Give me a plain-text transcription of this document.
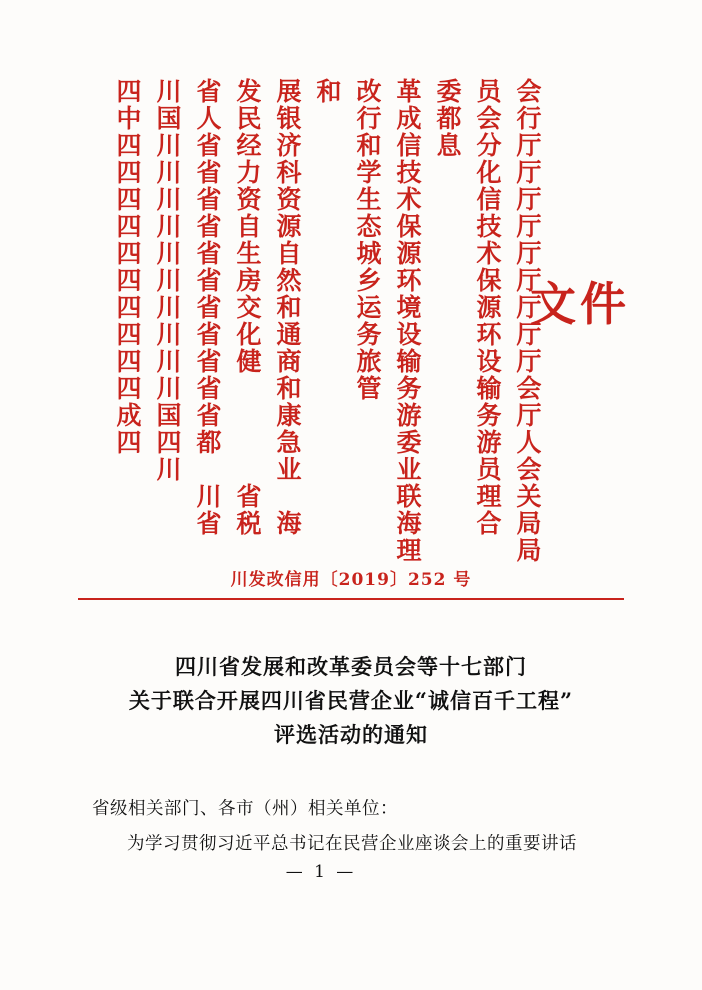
会行厅厅厅厅厅厅厅厅厅会厅人会关局局
员会分化信技术保源环设输务游员理合
委都息　　　　　　　　　　　　　　
革成信技术保源环境设输务游委业联海理
改行和学生态城乡运务旅管　　　　　
和　　　　　　　　　　　　　　　　
展银济科资源自然和通商和康急业　海
发民经力资自生房交化健　　　　省税
省人省省省省省省省省省省省都　川省
川国川川川川川川川川川川国四川　　
四中四四四四四四四四四四成四　　　	文件
川发改信用〔2019〕252 号
四川省发展和改革委员会等十七部门
关于联合开展四川省民营企业“诚信百千工程”
评选活动的通知
省级相关部门、各市（州）相关单位：
为学习贯彻习近平总书记在民营企业座谈会上的重要讲话
— 1 —
